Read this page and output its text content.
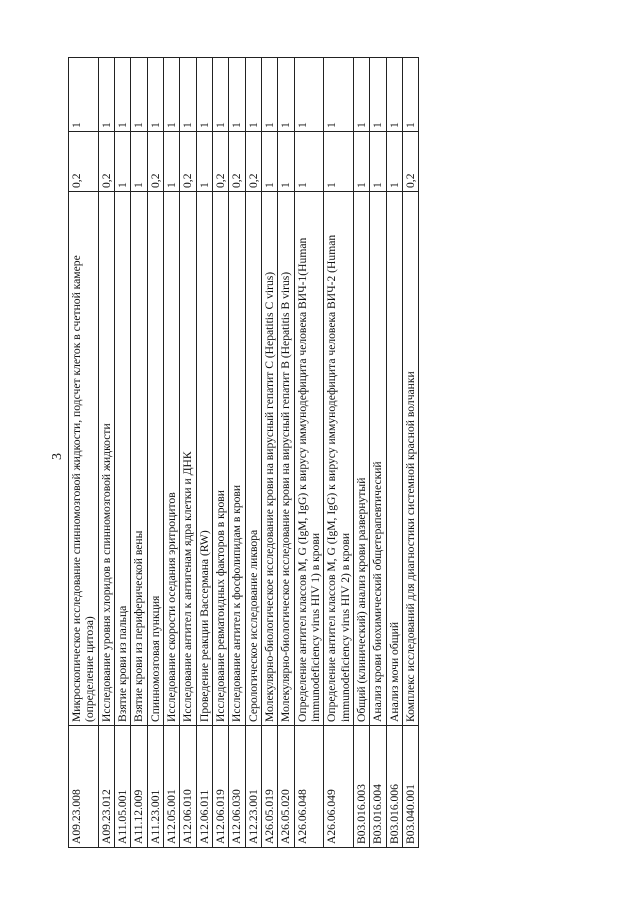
3
A09.23.008	Микроскопическое исследование спинномозговой жидкости, подсчет клеток в счетной камере (определение цитоза)	0,2	1
A09.23.012	Исследование уровня хлоридов в спинномозговой жидкости	0,2	1
A11.05.001	Взятие крови из пальца	1	1
A11.12.009	Взятие крови из периферической вены	1	1
A11.23.001	Спинномозговая пункция	0,2	1
A12.05.001	Исследование скорости оседания эритроцитов	1	1
A12.06.010	Исследование антител к антигенам ядра клетки и ДНК	0,2	1
A12.06.011	Проведение реакции Вассермана (RW)	1	1
A12.06.019	Исследование ревматоидных факторов в крови	0,2	1
A12.06.030	Исследование антител к фосфолипидам в крови	0,2	1
A12.23.001	Серологическое исследование ликвора	0,2	1
A26.05.019	Молекулярно-биологическое исследование крови на вирусный гепатит C (Hepatitis C virus)	1	1
A26.05.020	Молекулярно-биологическое исследование крови на вирусный гепатит B (Hepatitis B virus)	1	1
A26.06.048	Определение антител классов M, G (IgM, IgG) к вирусу иммунодефицита человека ВИЧ-1(Human immunodeficiency virus HIV 1) в крови	1	1
A26.06.049	Определение антител классов M, G (IgM, IgG) к вирусу иммунодефицита человека ВИЧ-2 (Human immunodeficiency virus HIV 2) в крови	1	1
B03.016.003	Общий (клинический) анализ крови развернутый	1	1
B03.016.004	Анализ крови биохимический общетерапевтический	1	1
B03.016.006	Анализ мочи общий	1	1
B03.040.001	Комплекс исследований для диагностики системной красной волчанки	0,2	1
